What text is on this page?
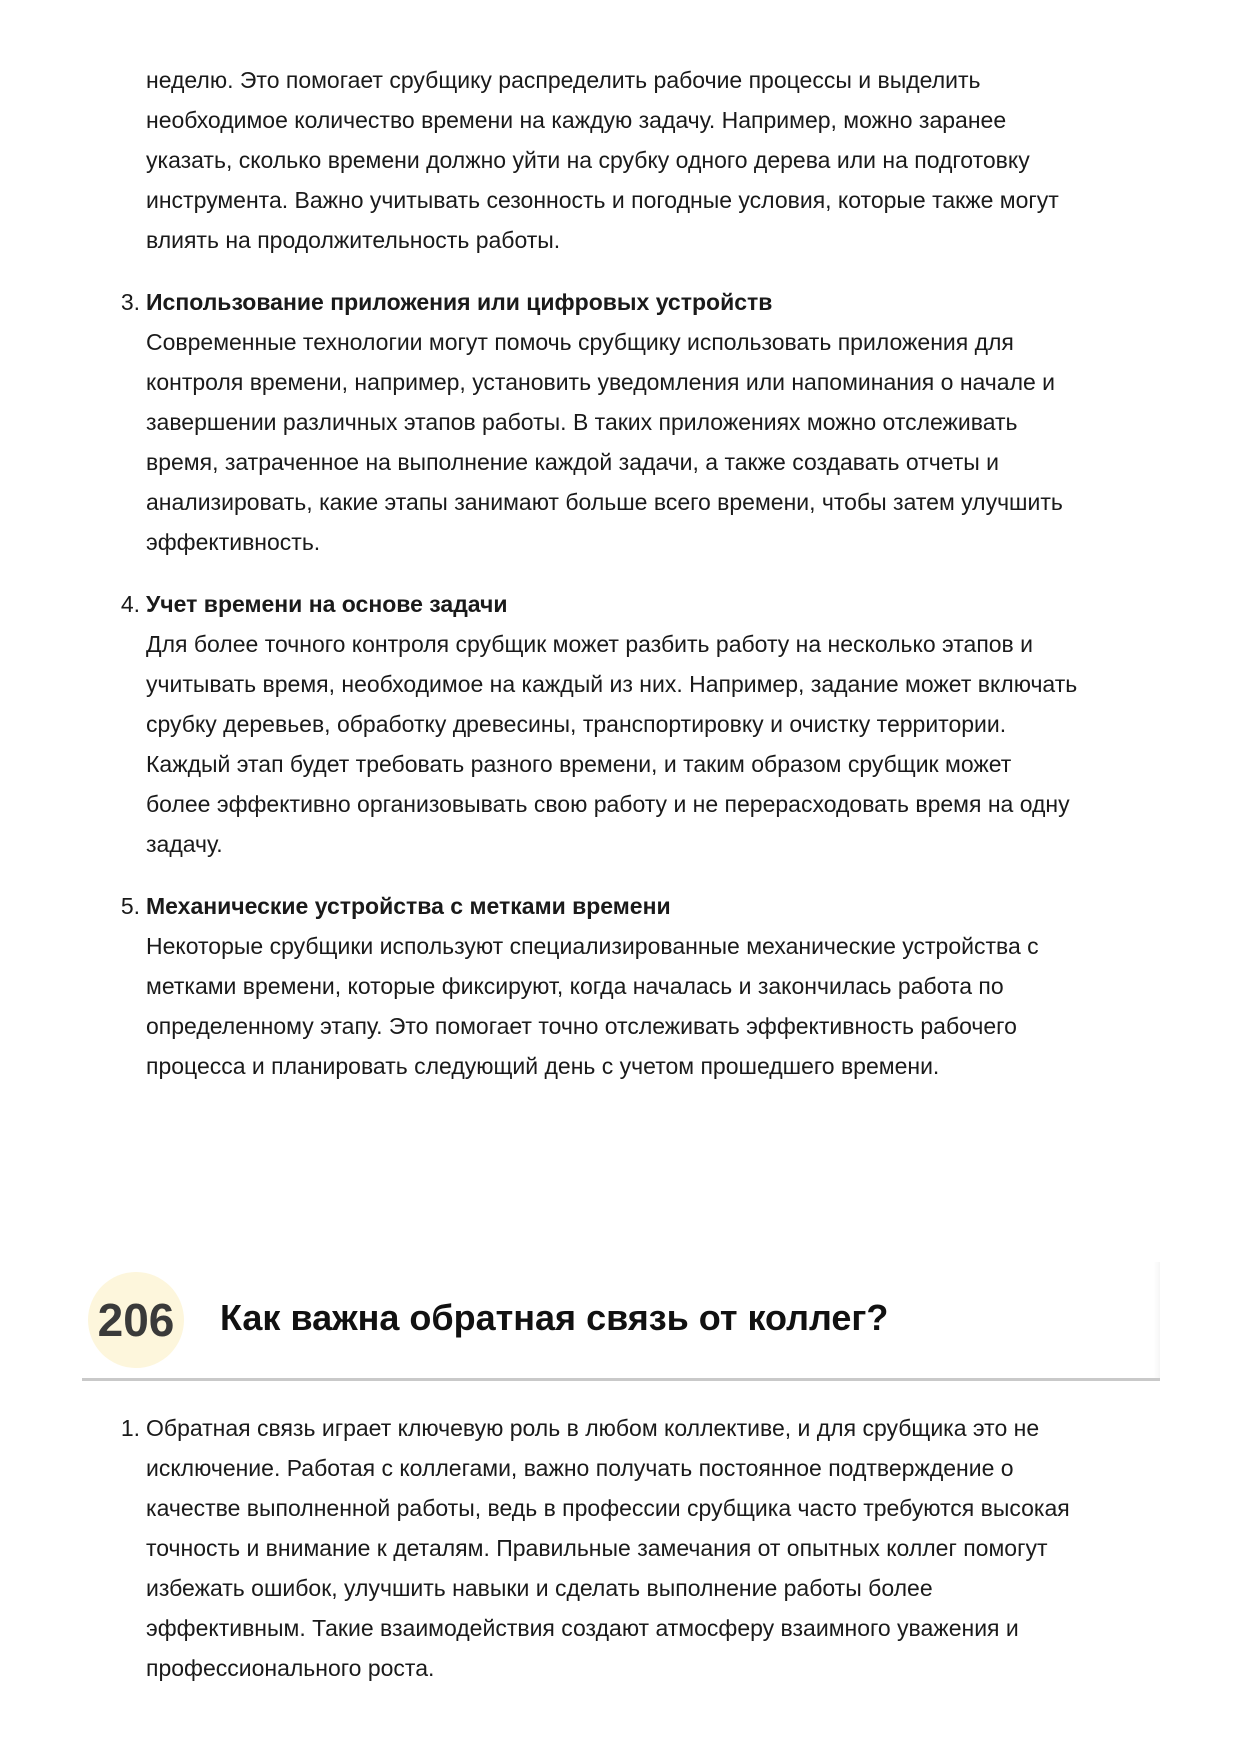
неделю. Это помогает срубщику распределить рабочие процессы и выделить
необходимое количество времени на каждую задачу. Например, можно заранее
указать, сколько времени должно уйти на срубку одного дерева или на подготовку
инструмента. Важно учитывать сезонность и погодные условия, которые также могут
влиять на продолжительность работы.
3. Использование приложения или цифровых устройств
Современные технологии могут помочь срубщику использовать приложения для
контроля времени, например, установить уведомления или напоминания о начале и
завершении различных этапов работы. В таких приложениях можно отслеживать
время, затраченное на выполнение каждой задачи, а также создавать отчеты и
анализировать, какие этапы занимают больше всего времени, чтобы затем улучшить
эффективность.
4. Учет времени на основе задачи
Для более точного контроля срубщик может разбить работу на несколько этапов и
учитывать время, необходимое на каждый из них. Например, задание может включать
срубку деревьев, обработку древесины, транспортировку и очистку территории.
Каждый этап будет требовать разного времени, и таким образом срубщик может
более эффективно организовывать свою работу и не перерасходовать время на одну
задачу.
5. Механические устройства с метками времени
Некоторые срубщики используют специализированные механические устройства с
метками времени, которые фиксируют, когда началась и закончилась работа по
определенному этапу. Это помогает точно отслеживать эффективность рабочего
процесса и планировать следующий день с учетом прошедшего времени.
206	Как важна обратная связь от коллег?
1. Обратная связь играет ключевую роль в любом коллективе, и для срубщика это не
исключение. Работая с коллегами, важно получать постоянное подтверждение о
качестве выполненной работы, ведь в профессии срубщика часто требуются высокая
точность и внимание к деталям. Правильные замечания от опытных коллег помогут
избежать ошибок, улучшить навыки и сделать выполнение работы более
эффективным. Такие взаимодействия создают атмосферу взаимного уважения и
профессионального роста.
